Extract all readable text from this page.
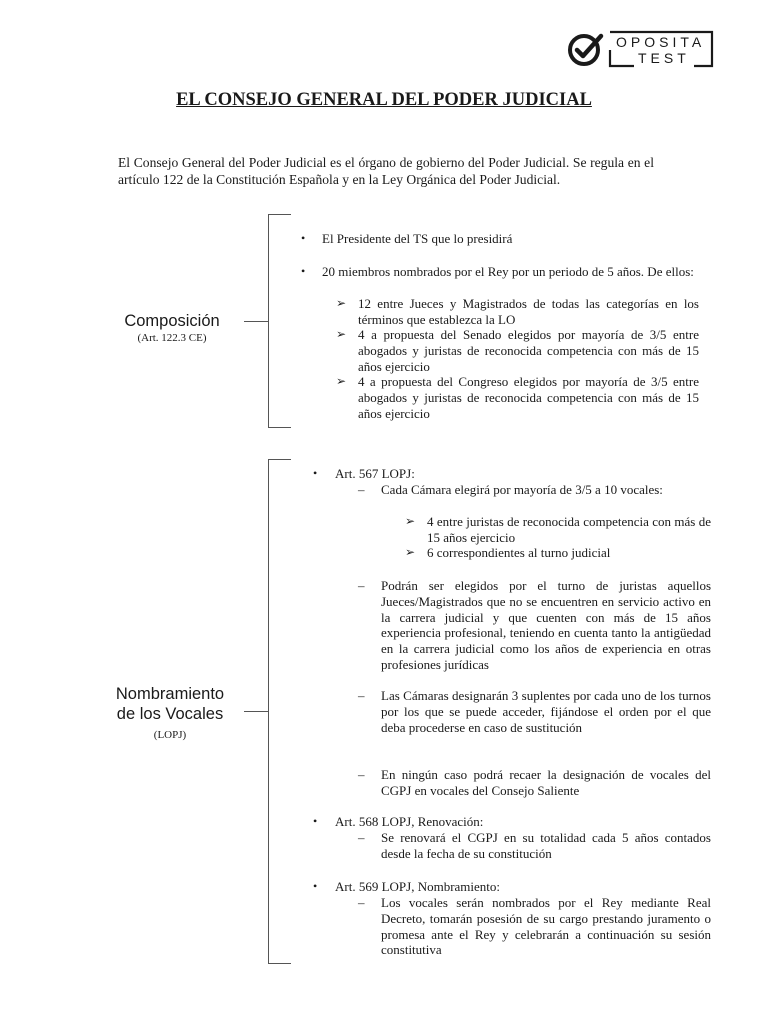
OPOSITA
TEST
EL CONSEJO GENERAL DEL PODER JUDICIAL
El Consejo General del Poder Judicial es el órgano de gobierno del Poder Judicial. Se regula en el artículo 122 de la Constitución Española y en la Ley Orgánica del Poder Judicial.
Composición
(Art. 122.3 CE)
• El Presidente del TS que lo presidirá
• 20 miembros nombrados por el Rey por un periodo de 5 años. De ellos:
➢ 12 entre Jueces y Magistrados de todas las categorías en los términos que establezca la LO
➢ 4 a propuesta del Senado elegidos por mayoría de 3/5 entre abogados y juristas de reconocida competencia con más de 15 años ejercicio
➢ 4 a propuesta del Congreso elegidos por mayoría de 3/5 entre abogados y juristas de reconocida competencia con más de 15 años ejercicio
Nombramiento
de los Vocales
(LOPJ)
• Art. 567 LOPJ:
– Cada Cámara elegirá por mayoría de 3/5 a 10 vocales:
➢ 4 entre juristas de reconocida competencia con más de 15 años ejercicio
➢ 6 correspondientes al turno judicial
– Podrán ser elegidos por el turno de juristas aquellos Jueces/Magistrados que no se encuentren en servicio activo en la carrera judicial y que cuenten con más de 15 años experiencia profesional, teniendo en cuenta tanto la antigüedad en la carrera judicial como los años de experiencia en otras profesiones jurídicas
– Las Cámaras designarán 3 suplentes por cada uno de los turnos por los que se puede acceder, fijándose el orden por el que deba procederse en caso de sustitución
– En ningún caso podrá recaer la designación de vocales del CGPJ en vocales del Consejo Saliente
• Art. 568 LOPJ, Renovación:
– Se renovará el CGPJ en su totalidad cada 5 años contados desde la fecha de su constitución
• Art. 569 LOPJ, Nombramiento:
– Los vocales serán nombrados por el Rey mediante Real Decreto, tomarán posesión de su cargo prestando juramento o promesa ante el Rey y celebrarán a continuación su sesión constitutiva
